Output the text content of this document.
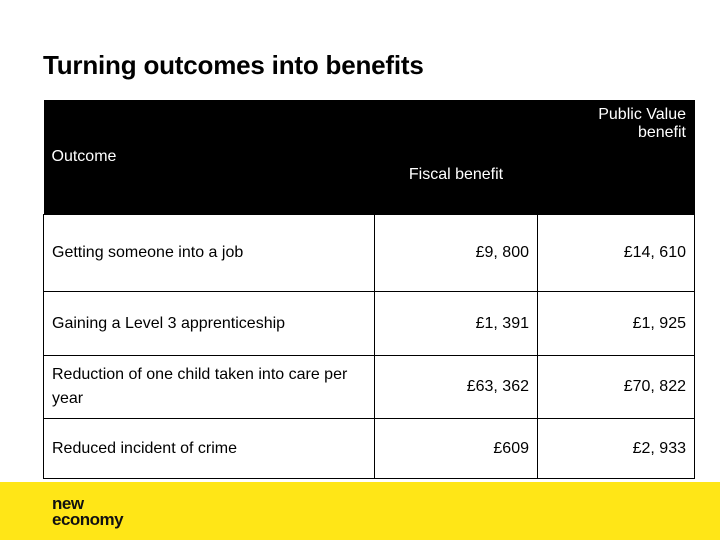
Turning outcomes into benefits
Outcome	Fiscal benefit	Public Value benefit
Getting someone into a job	£9, 800	£14, 610
Gaining a Level 3 apprenticeship	£1, 391	£1, 925
Reduction of one child taken into care per year	£63, 362	£70, 822
Reduced incident of crime	£609	£2, 933
new
economy
